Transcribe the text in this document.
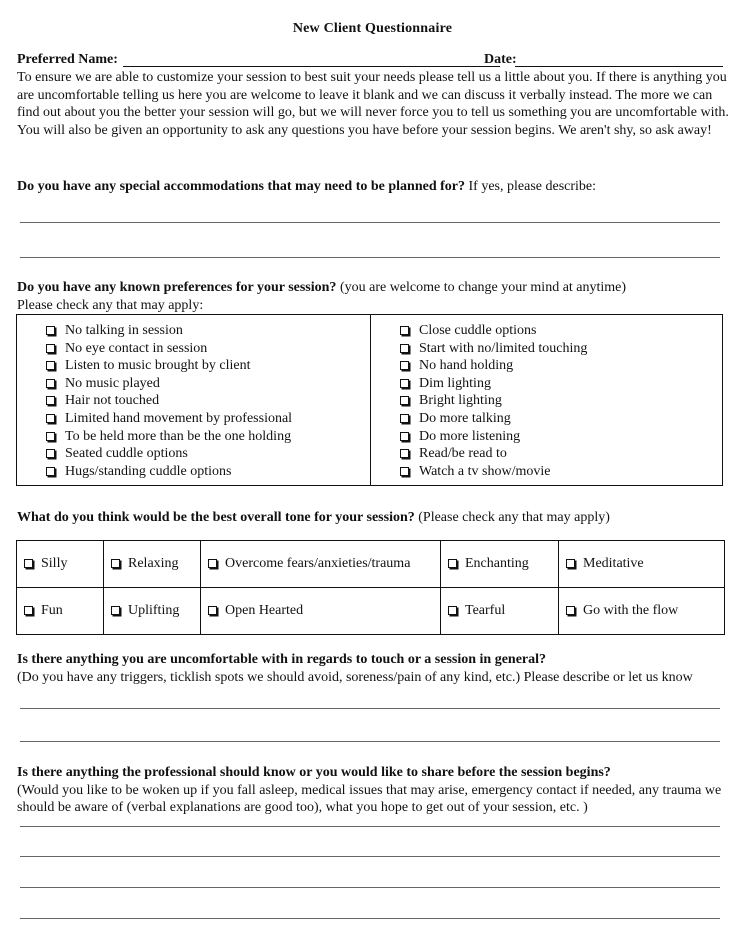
New Client Questionnaire
Preferred Name:	Date:
To ensure we are able to customize your session to best suit your needs please tell us a little about you. If there is anything you are uncomfortable telling us here you are welcome to leave it blank and we can discuss it verbally instead. The more we can find out about you the better your session will go, but we will never force you to tell us something you are uncomfortable with. You will also be given an opportunity to ask any questions you have before your session begins. We aren't shy, so ask away!
Do you have any special accommodations that may need to be planned for? If yes, please describe:
Do you have any known preferences for your session? (you are welcome to change your mind at anytime)
Please check any that may apply:
No talking in session
No eye contact in session
Listen to music brought by client
No music played
Hair not touched
Limited hand movement by professional
To be held more than be the one holding
Seated cuddle options
Hugs/standing cuddle options
Close cuddle options
Start with no/limited touching
No hand holding
Dim lighting
Bright lighting
Do more talking
Do more listening
Read/be read to
Watch a tv show/movie
What do you think would be the best overall tone for your session? (Please check any that may apply)
Silly	Relaxing	Overcome fears/anxieties/trauma	Enchanting	Meditative
Fun	Uplifting	Open Hearted	Tearful	Go with the flow
Is there anything you are uncomfortable with in regards to touch or a session in general?
(Do you have any triggers, ticklish spots we should avoid, soreness/pain of any kind, etc.) Please describe or let us know
Is there anything the professional should know or you would like to share before the session begins?
(Would you like to be woken up if you fall asleep, medical issues that may arise, emergency contact if needed, any trauma we should be aware of (verbal explanations are good too), what you hope to get out of your session, etc. )
